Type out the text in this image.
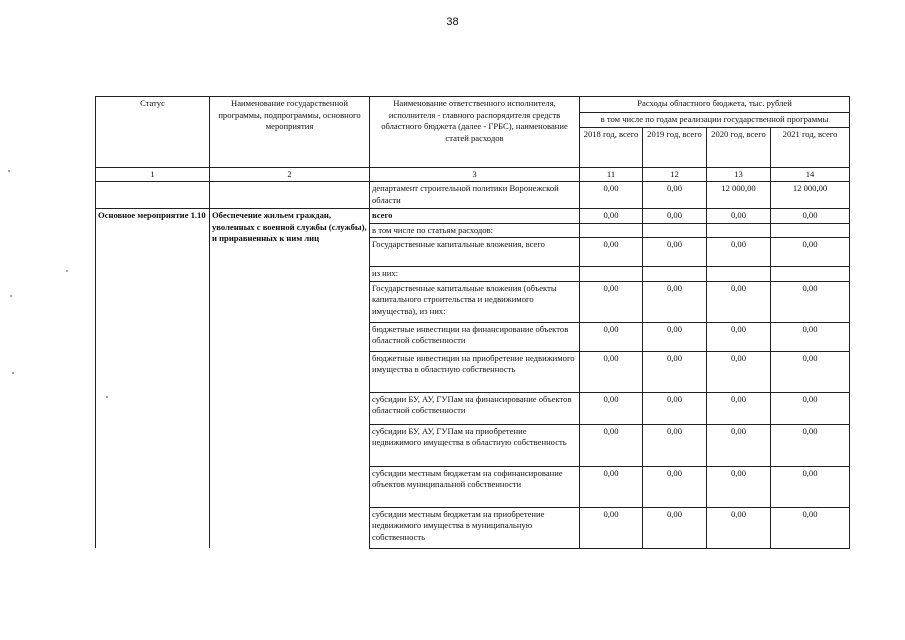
38
Статус	Наименование государственной программы, подпрограммы, основного мероприятия	Наименование ответственного исполнителя, исполнителя - главного распорядителя средств областного бюджета (далее - ГРБС), наименование статей расходов	Расходы областного бюджета, тыс. рублей			
			в том числе по годам реализации государственной программы			
			2018 год, всего	2019 год, всего	2020 год, всего	2021 год, всего
1	2	3	11	12	13	14
		департамент строительной политики Воронежской области	0,00	0,00	12 000,00	12 000,00
Основное мероприятие 1.10	Обеспечение жильем граждан, уволенных с военной службы (службы), и приравненных к ним лиц	всего	0,00	0,00	0,00	0,00
		в том числе по статьям расходов:				
		Государственные капитальные вложения, всего	0,00	0,00	0,00	0,00
		из них:				
		Государственные капитальные вложения (объекты капитального строительства и недвижимого имущества), из них:	0,00	0,00	0,00	0,00
		бюджетные инвестиции на финансирование объектов областной собственности	0,00	0,00	0,00	0,00
		бюджетные инвестиции на приобретение недвижимого имущества в областную собственность	0,00	0,00	0,00	0,00
		субсидии БУ, АУ, ГУПам на финансирование объектов областной собственности	0,00	0,00	0,00	0,00
		субсидии БУ, АУ, ГУПам на приобретение недвижимого имущества в областную собственность	0,00	0,00	0,00	0,00
		субсидии местным бюджетам на софинансирование объектов муниципальной собственности	0,00	0,00	0,00	0,00
		субсидии местным бюджетам на приобретение недвижимого имущества в муниципальную собственность	0,00	0,00	0,00	0,00
